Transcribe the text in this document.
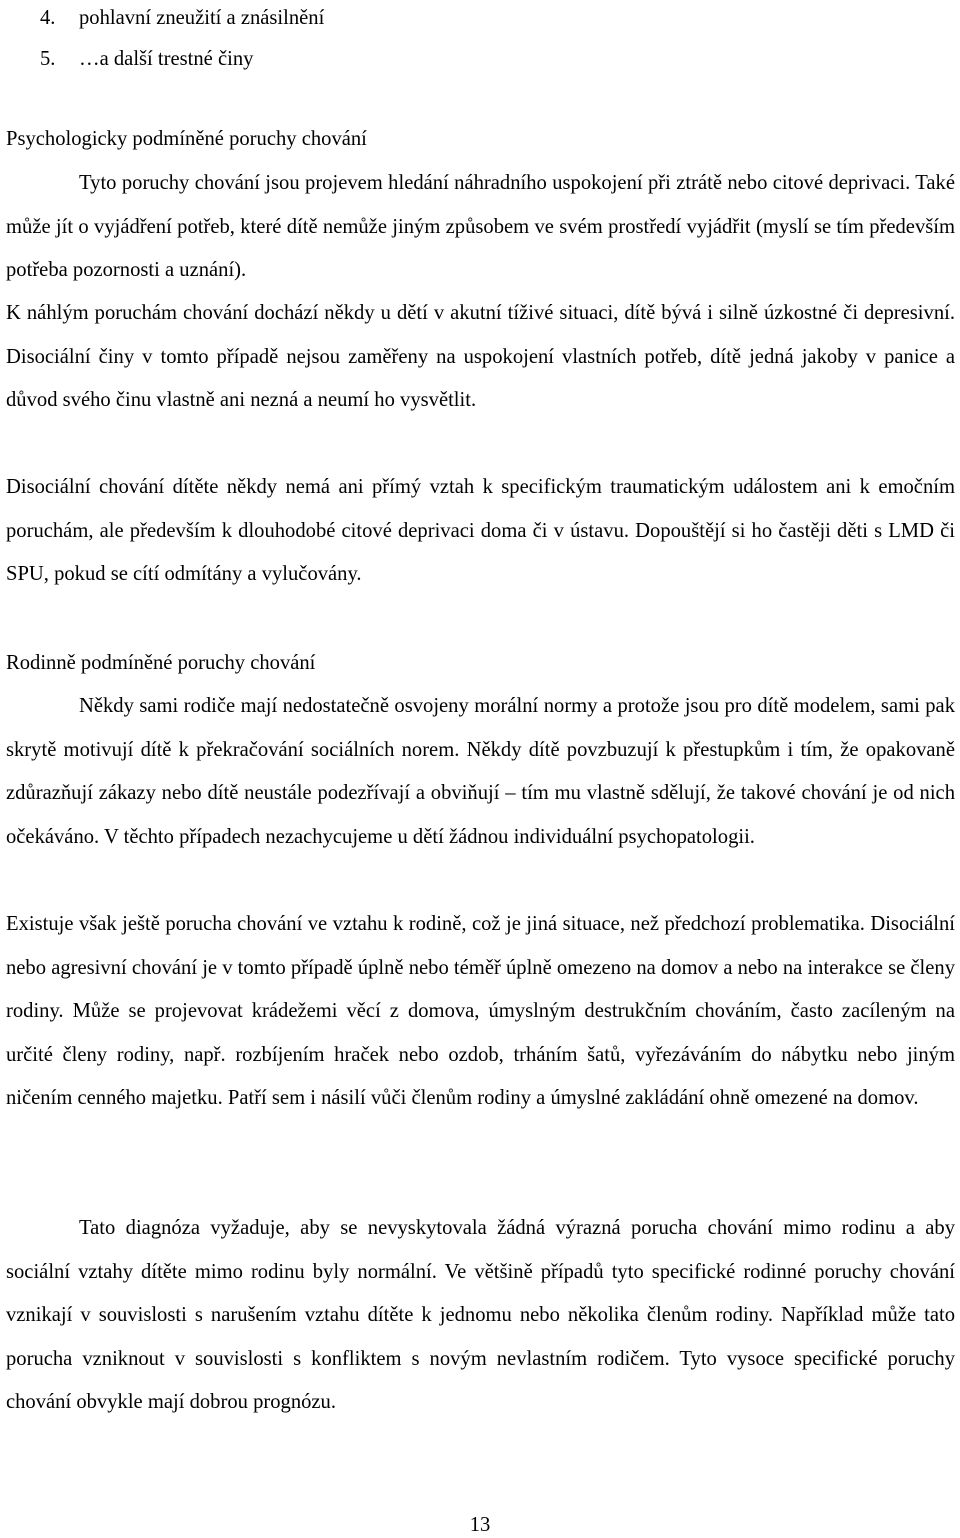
4. pohlavní zneužití a znásilnění
5. …a další trestné činy
Psychologicky podmíněné poruchy chování

Tyto poruchy chování jsou projevem hledání náhradního uspokojení při ztrátě nebo citové deprivaci. Také může jít o vyjádření potřeb, které dítě nemůže jiným způsobem ve svém prostředí vyjádřit (myslí se tím především potřeba pozornosti a uznání).

K náhlým poruchám chování dochází někdy u dětí v akutní tíživé situaci, dítě bývá i silně úzkostné či depresivní. Disociální činy v tomto případě nejsou zaměřeny na uspokojení vlastních potřeb, dítě jedná jakoby v panice a důvod svého činu vlastně ani nezná a neumí ho vysvětlit.

Disociální chování dítěte někdy nemá ani přímý vztah k specifickým traumatickým událostem ani k emočním poruchám, ale především k dlouhodobé citové deprivaci doma či v ústavu. Dopouštějí si ho častěji děti s LMD či SPU, pokud se cítí odmítány a vylučovány.

Rodinně podmíněné poruchy chování

Někdy sami rodiče mají nedostatečně osvojeny morální normy a protože jsou pro dítě modelem, sami pak skrytě motivují dítě k překračování sociálních norem. Někdy dítě povzbuzují k přestupkům i tím, že opakovaně zdůrazňují zákazy nebo dítě neustále podezřívají a obviňují – tím mu vlastně sdělují, že takové chování je od nich očekáváno. V těchto případech nezachycujeme u dětí žádnou individuální psychopatologii.

Existuje však ještě porucha chování ve vztahu k rodině, což je jiná situace, než předchozí problematika. Disociální nebo agresivní chování je v tomto případě úplně nebo téměř úplně omezeno na domov a nebo na interakce se členy rodiny. Může se projevovat krádežemi věcí z domova, úmyslným destrukčním chováním, často zacíleným na určité členy rodiny, např. rozbíjením hraček nebo ozdob, trháním šatů, vyřezáváním do nábytku nebo jiným ničením cenného majetku. Patří sem i násilí vůči členům rodiny a úmyslné zakládání ohně omezené na domov.

Tato diagnóza vyžaduje, aby se nevyskytovala žádná výrazná porucha chování mimo rodinu a aby sociální vztahy dítěte mimo rodinu byly normální. Ve většině případů tyto specifické rodinné poruchy chování vznikají v souvislosti s narušením vztahu dítěte k jednomu nebo několika členům rodiny. Například může tato porucha vzniknout v souvislosti s konfliktem s novým nevlastním rodičem. Tyto vysoce specifické poruchy chování obvykle mají dobrou prognózu.

13
